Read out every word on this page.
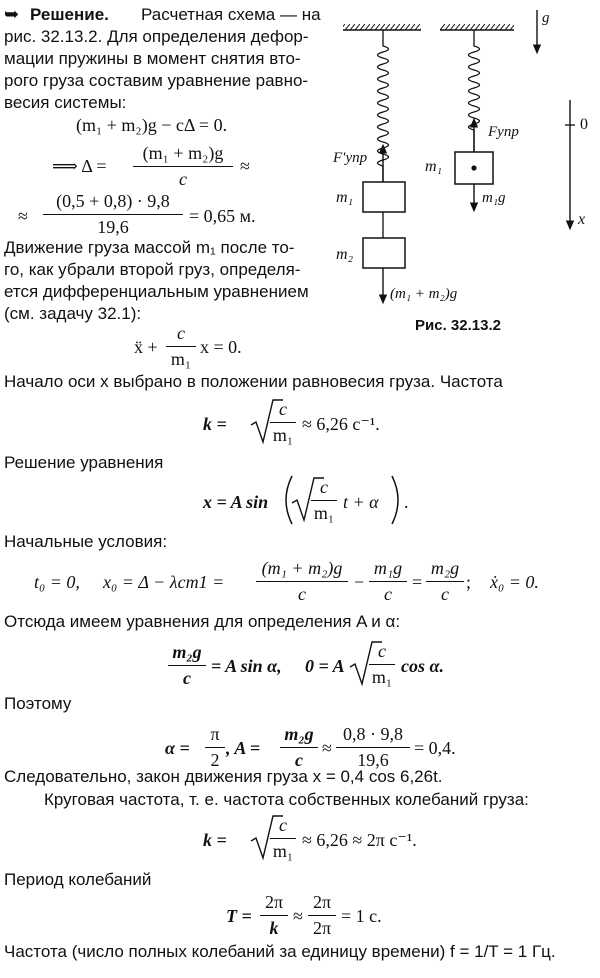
➥ Решение. Расчетная схема — на
рис. 32.13.2. Для определения дефор-
мации пружины в момент снятия вто-
рого груза составим уравнение равно-
весия системы:
(m₁ + m₂)g − cΔ = 0.
⟹ $\Delta = \frac{\text{(m₁ + m₂)g}}{c}$ ≈
≈ $\frac{(0,5 + 0,8) \cdot 9,8}{19,6} = 0,65$ м.
Движение груза массой m₁ после то-
го, как убрали второй груз, определя-
ется дифференциальным уравнением
(см. задачу 32.1):
ẍ + $\frac{c}{\text{m₁}}$ x = 0.
g⃗
F′упр
Fупр
m₁
m₂
m₁
(m₁ + m₂)g⃗
m₁g⃗
0
x
Рис. 32.13.2
Начало оси x выбрано в положении равновесия груза. Частота
$k = \frac{c}{\text{m₁}} \approx 6,26$ с⁻¹.
Решение уравнения
x = A $\sin \frac{c}{\text{m₁}}$ t + α .
Начальные условия:
t₀ = 0, $x_0 = \Delta - \lambda ст1 = \frac{\text{(m₁ + m₂)g}}{c} - \frac{\text{m₁g}}{c} = \frac{\text{m₂g}}{c}$ ; ẋ₀ = 0.
Отсюда имеем уравнения для определения A и α:
$\frac{\text{m₂g}}{c} = A$ sin α, 0 = A $\frac{c}{\text{m₁}}$ cos α.
Поэтому
$\alpha = \frac{\pi}{2}$ , $A = \frac{\text{m₂g}}{c} \approx \frac{0,8 \cdot 9,8}{19,6} = 0,4$.
Следовательно, закон движения груза x = 0,4 cos 6,26t.
Круговая частота, т. е. частота собственных колебаний груза:
$k = \frac{c}{\text{m₁}} \approx 6,26 \approx 2\pi$ с⁻¹.
Период колебаний
$T = \frac{2\pi}{k} \approx \frac{2\pi}{2\pi} = 1$ с.
Частота (число полных колебаний за единицу времени) f = 1/T = 1 Гц.
